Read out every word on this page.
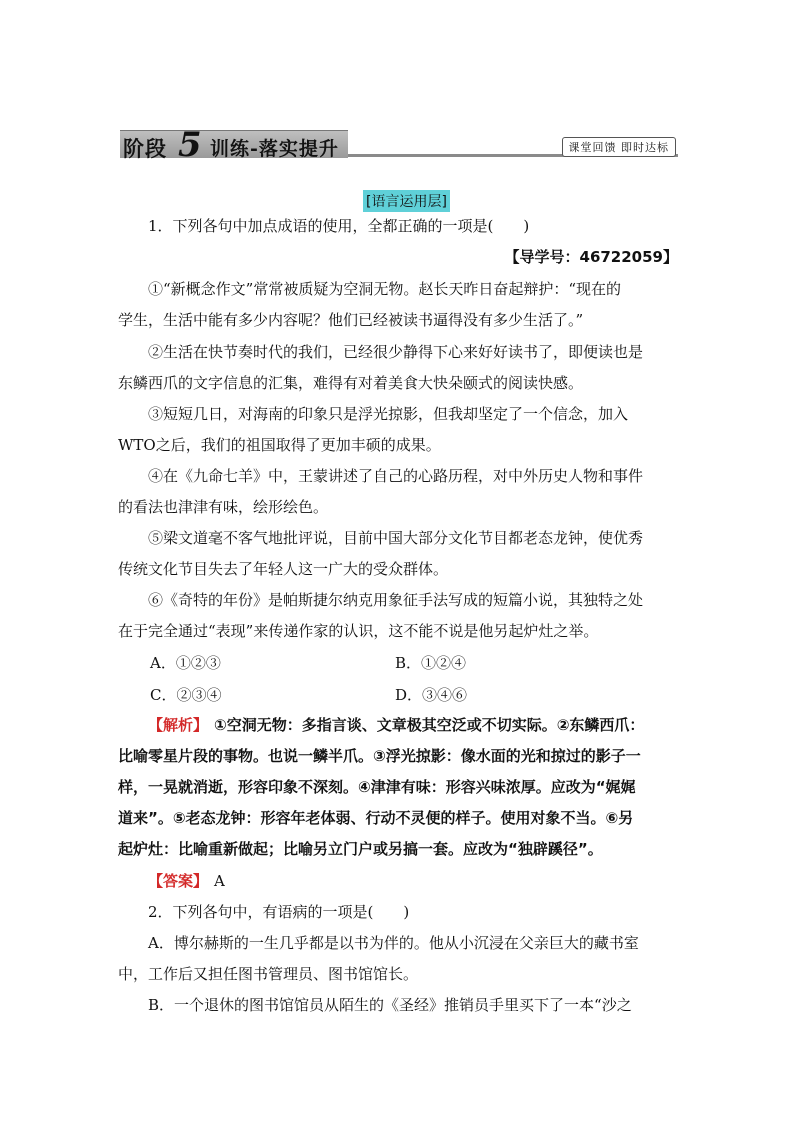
阶段 5 训练-落实提升	课堂回馈 即时达标
[语言运用层]
1．下列各句中加点成语的使用，全都正确的一项是(　　)
【导学号：46722059】
①“新概念作文”常常被质疑为空洞无物。赵长天昨日奋起辩护：“现在的
学生，生活中能有多少内容呢？他们已经被读书逼得没有多少生活了。”
②生活在快节奏时代的我们，已经很少静得下心来好好读书了，即便读也是
东鳞西爪的文字信息的汇集，难得有对着美食大快朵颐式的阅读快感。
③短短几日，对海南的印象只是浮光掠影，但我却坚定了一个信念，加入
WTO之后，我们的祖国取得了更加丰硕的成果。
④在《九命七羊》中，王蒙讲述了自己的心路历程，对中外历史人物和事件
的看法也津津有味，绘形绘色。
⑤梁文道毫不客气地批评说，目前中国大部分文化节目都老态龙钟，使优秀
传统文化节目失去了年轻人这一广大的受众群体。
⑥《奇特的年份》是帕斯捷尔纳克用象征手法写成的短篇小说，其独特之处
在于完全通过“表现”来传递作家的认识，这不能不说是他另起炉灶之举。
A．①②③	B．①②④
C．②③④	D．③④⑥
【解析】 ①空洞无物：多指言谈、文章极其空泛或不切实际。②东鳞西爪：
比喻零星片段的事物。也说一鳞半爪。③浮光掠影：像水面的光和掠过的影子一
样，一晃就消逝，形容印象不深刻。④津津有味：形容兴味浓厚。应改为“娓娓
道来”。⑤老态龙钟：形容年老体弱、行动不灵便的样子。使用对象不当。⑥另
起炉灶：比喻重新做起；比喻另立门户或另搞一套。应改为“独辟蹊径”。
【答案】 A
2．下列各句中，有语病的一项是(　　)
A．博尔赫斯的一生几乎都是以书为伴的。他从小沉浸在父亲巨大的藏书室
中，工作后又担任图书管理员、图书馆馆长。
B．一个退休的图书馆馆员从陌生的《圣经》推销员手里买下了一本“沙之
